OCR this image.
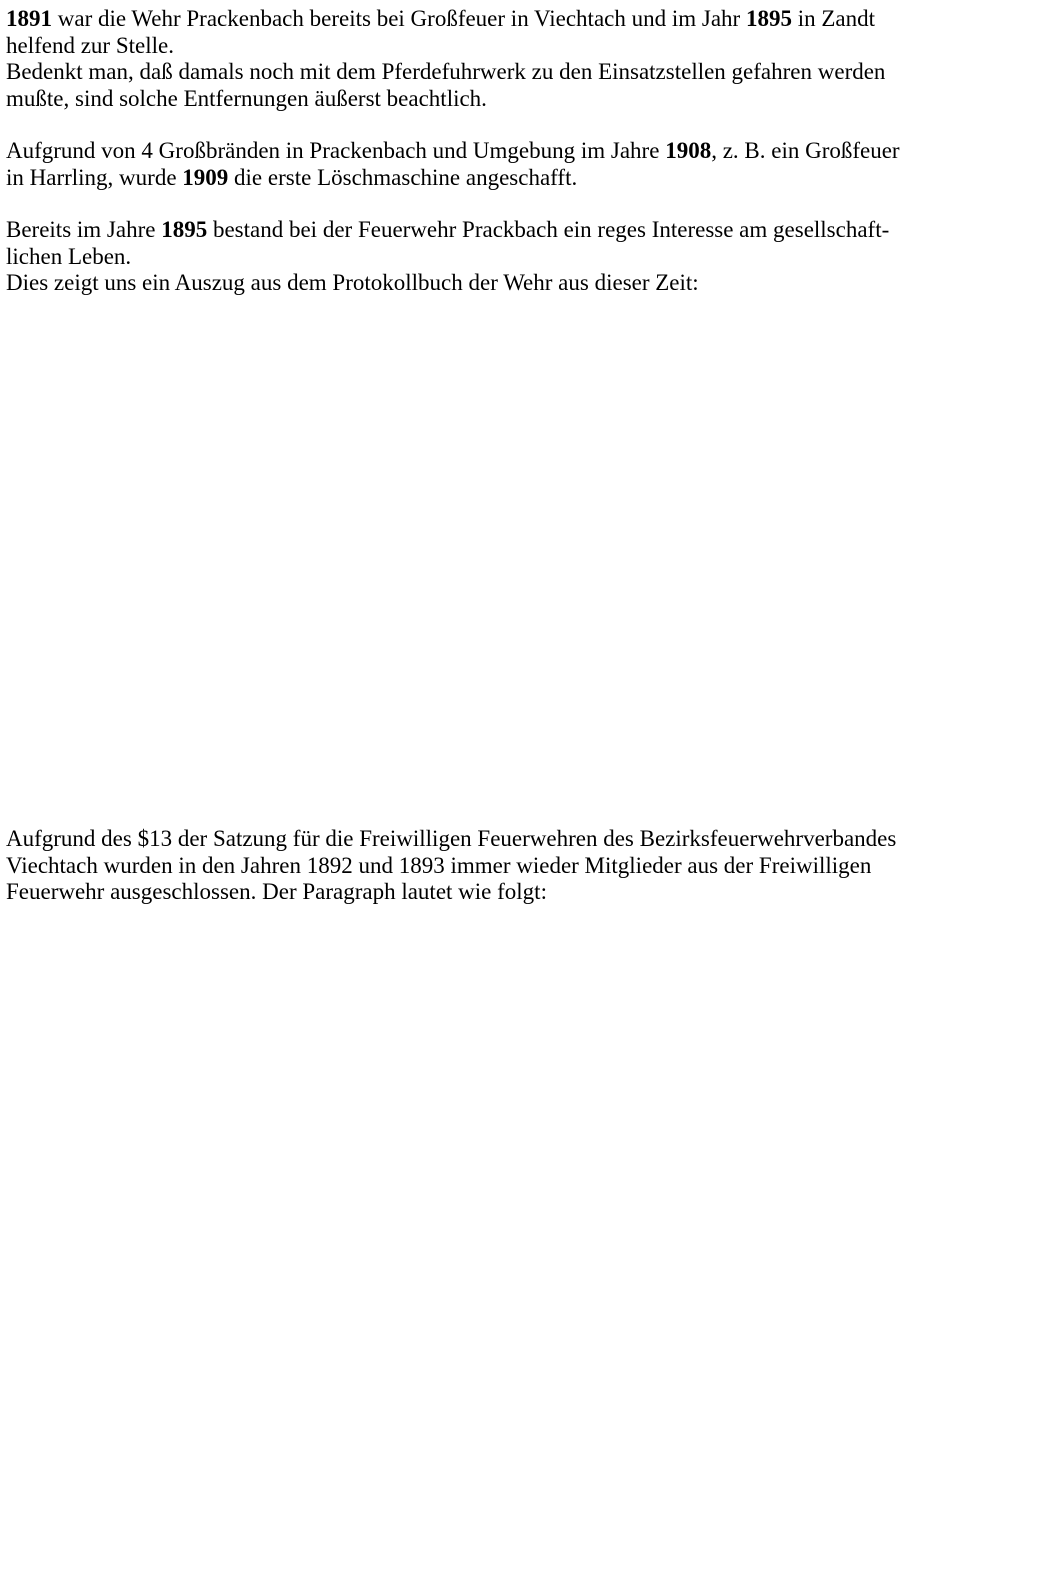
1891 war die Wehr Prackenbach bereits bei Großfeuer in Viechtach und im Jahr 1895 in Zandt
helfend zur Stelle.
Bedenkt man, daß damals noch mit dem Pferdefuhrwerk zu den Einsatzstellen gefahren werden
mußte, sind solche Entfernungen äußerst beachtlich.
Aufgrund von 4 Großbränden in Prackenbach und Umgebung im Jahre 1908, z. B. ein Großfeuer
in Harrling, wurde 1909 die erste Löschmaschine angeschafft.
Bereits im Jahre 1895 bestand bei der Feuerwehr Prackbach ein reges Interesse am gesellschaft-
lichen Leben.
Dies zeigt uns ein Auszug aus dem Protokollbuch der Wehr aus dieser Zeit:
Aufgrund des $13 der Satzung für die Freiwilligen Feuerwehren des Bezirksfeuerwehrverbandes
Viechtach wurden in den Jahren 1892 und 1893 immer wieder Mitglieder aus der Freiwilligen
Feuerwehr ausgeschlossen. Der Paragraph lautet wie folgt:
